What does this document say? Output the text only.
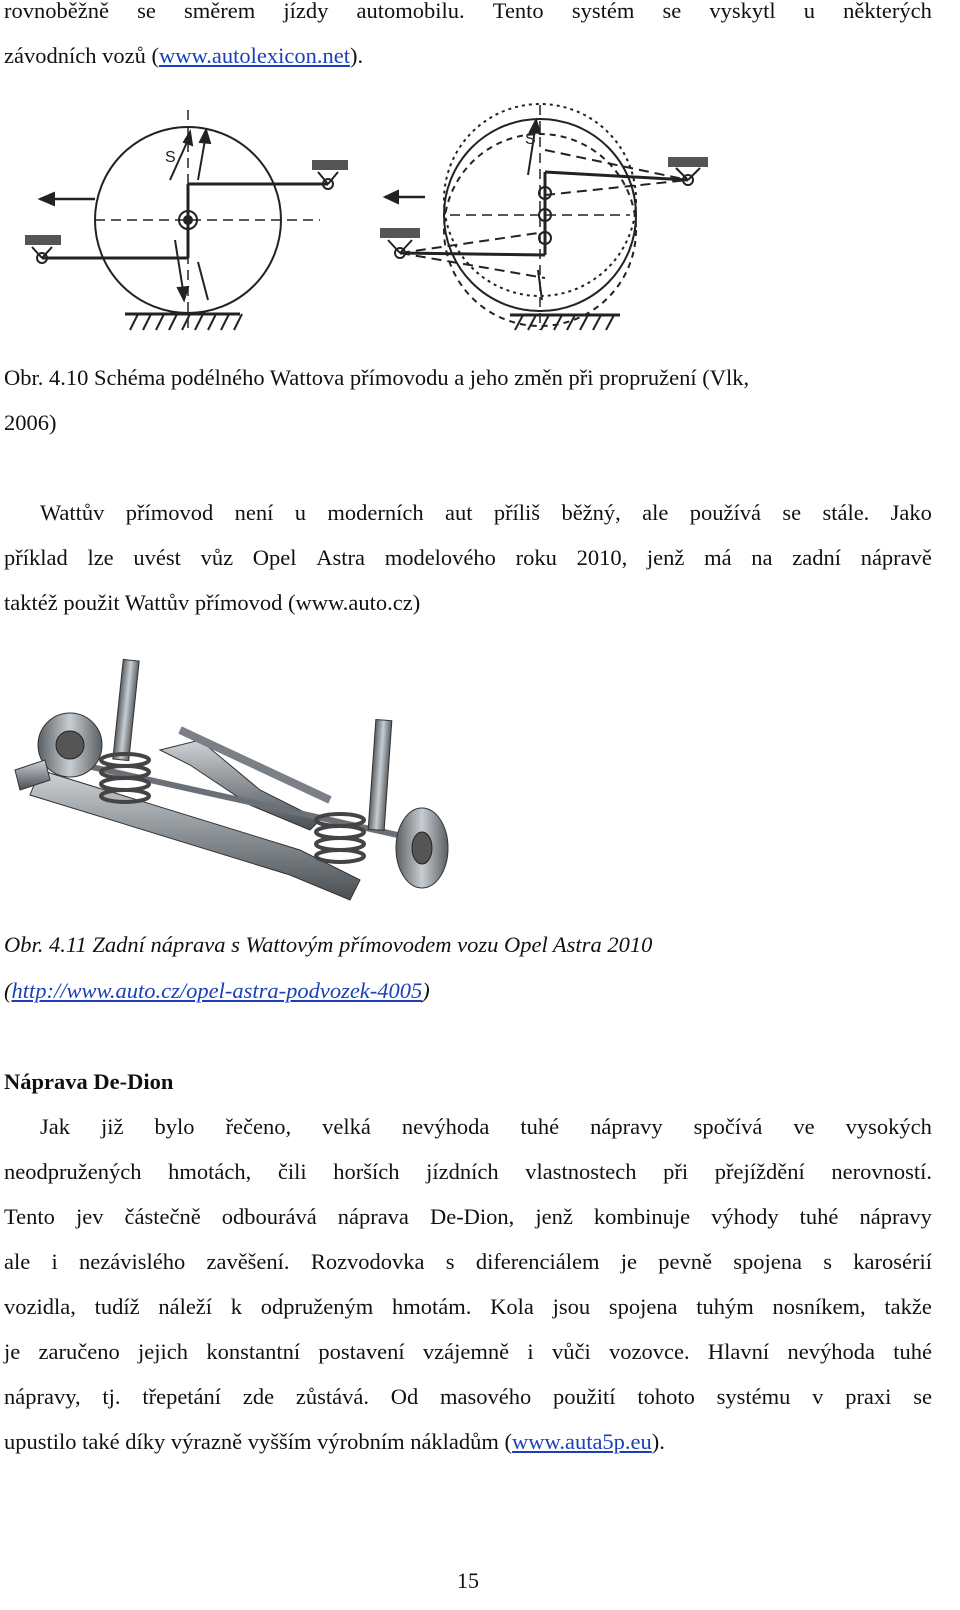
rovnoběžně se směrem jízdy automobilu. Tento systém se vyskytl u některých
závodních vozů (www.autolexicon.net).
S
S
Obr. 4.10 Schéma podélného Wattova přímovodu a jeho změn při propružení (Vlk,
2006)
Wattův přímovod není u moderních aut příliš běžný, ale používá se stále. Jako
příklad lze uvést vůz Opel Astra modelového roku 2010, jenž má na zadní nápravě
taktéž použit Wattův přímovod (www.auto.cz)
Obr. 4.11 Zadní náprava s Wattovým přímovodem vozu Opel Astra 2010
(http://www.auto.cz/opel-astra-podvozek-4005)
Náprava De-Dion
Jak již bylo řečeno, velká nevýhoda tuhé nápravy spočívá ve vysokých
neodpružených hmotách, čili horších jízdních vlastnostech při přejíždění nerovností.
Tento jev částečně odbourává náprava De-Dion, jenž kombinuje výhody tuhé nápravy
ale i nezávislého zavěšení. Rozvodovka s diferenciálem je pevně spojena s karosérií
vozidla, tudíž náleží k odpruženým hmotám. Kola jsou spojena tuhým nosníkem, takže
je zaručeno jejich konstantní postavení vzájemně i vůči vozovce. Hlavní nevýhoda tuhé
nápravy, tj. třepetání zde zůstává. Od masového použití tohoto systému v praxi se
upustilo také díky výrazně vyšším výrobním nákladům (www.auta5p.eu).
15
